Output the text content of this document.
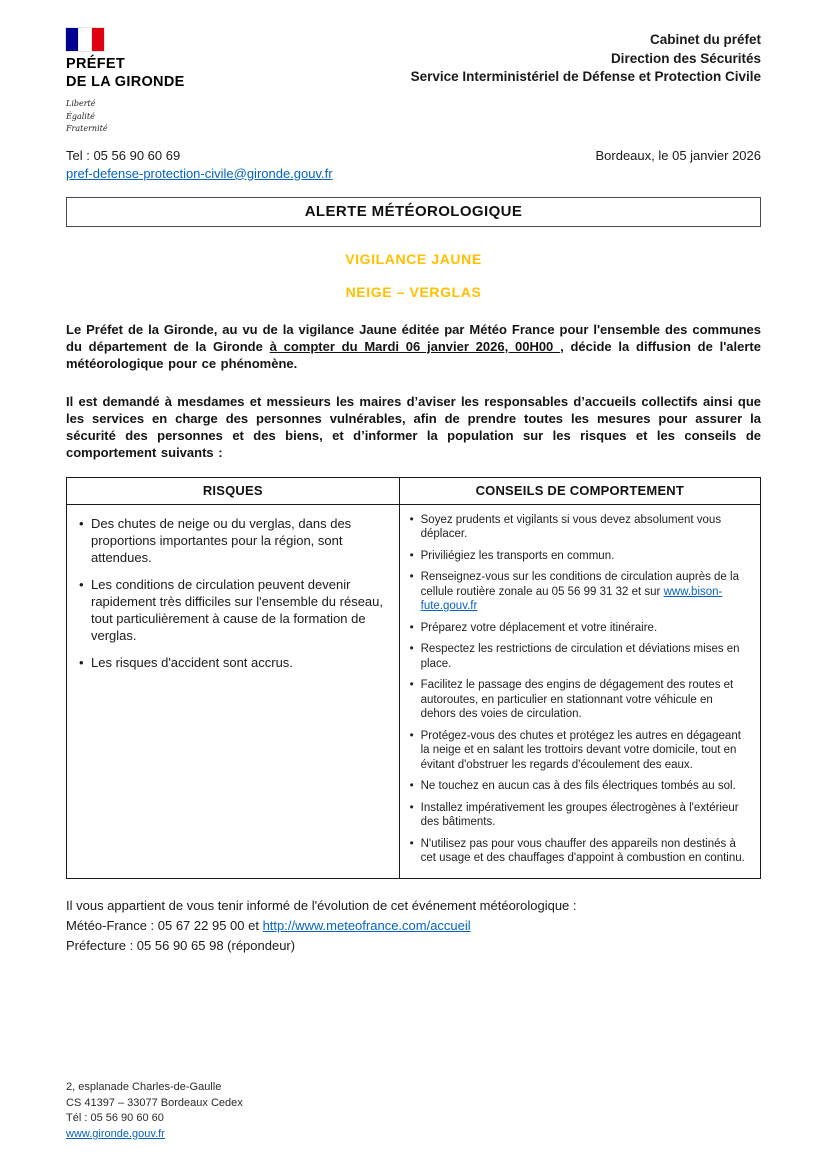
PRÉFET
DE LA GIRONDE
Liberté
Égalité
Fraternité
Cabinet du préfet
Direction des Sécurités
Service Interministériel de Défense et Protection Civile
Tel : 05 56 90 60 69
pref-defense-protection-civile@gironde.gouv.fr
Bordeaux, le 05 janvier 2026
ALERTE MÉTÉOROLOGIQUE
VIGILANCE JAUNE
NEIGE – VERGLAS

Le Préfet de la Gironde, au vu de la vigilance Jaune éditée par Météo France pour l'ensemble des communes du département de la Gironde à compter du Mardi 06 janvier 2026, 00H00 , décide la diffusion de l'alerte météorologique pour ce phénomène.

Il est demandé à mesdames et messieurs les maires d’aviser les responsables d’accueils collectifs ainsi que les services en charge des personnes vulnérables, afin de prendre toutes les mesures pour assurer la sécurité des personnes et des biens, et d’informer la population sur les risques et les conseils de comportement suivants :

RISQUES	CONSEILS DE COMPORTEMENT
• Des chutes de neige ou du verglas, dans des proportions importantes pour la région, sont attendues.
• Les conditions de circulation peuvent devenir rapidement très difficiles sur l'ensemble du réseau, tout particulièrement à cause de la formation de verglas.
• Les risques d'accident sont accrus.
• Soyez prudents et vigilants si vous devez absolument vous déplacer.
• Priviliégiez les transports en commun.
• Renseignez-vous sur les conditions de circulation auprès de la cellule routière zonale au 05 56 99 31 32 et sur www.bison-fute.gouv.fr
• Préparez votre déplacement et votre itinéraire.
• Respectez les restrictions de circulation et déviations mises en place.
• Facilitez le passage des engins de dégagement des routes et autoroutes, en particulier en stationnant votre véhicule en dehors des voies de circulation.
• Protégez-vous des chutes et protégez les autres en dégageant la neige et en salant les trottoirs devant votre domicile, tout en évitant d'obstruer les regards d'écoulement des eaux.
• Ne touchez en aucun cas à des fils électriques tombés au sol.
• Installez impérativement les groupes électrogènes à l'extérieur des bâtiments.
• N'utilisez pas pour vous chauffer des appareils non destinés à cet usage et des chauffages d'appoint à combustion en continu.
Il vous appartient de vous tenir informé de l'évolution de cet événement météorologique :
Météo-France : 05 67 22 95 00 et http://www.meteofrance.com/accueil
Préfecture : 05 56 90 65 98 (répondeur)
2, esplanade Charles-de-Gaulle
CS 41397 – 33077 Bordeaux Cedex
Tél : 05 56 90 60 60
www.gironde.gouv.fr
